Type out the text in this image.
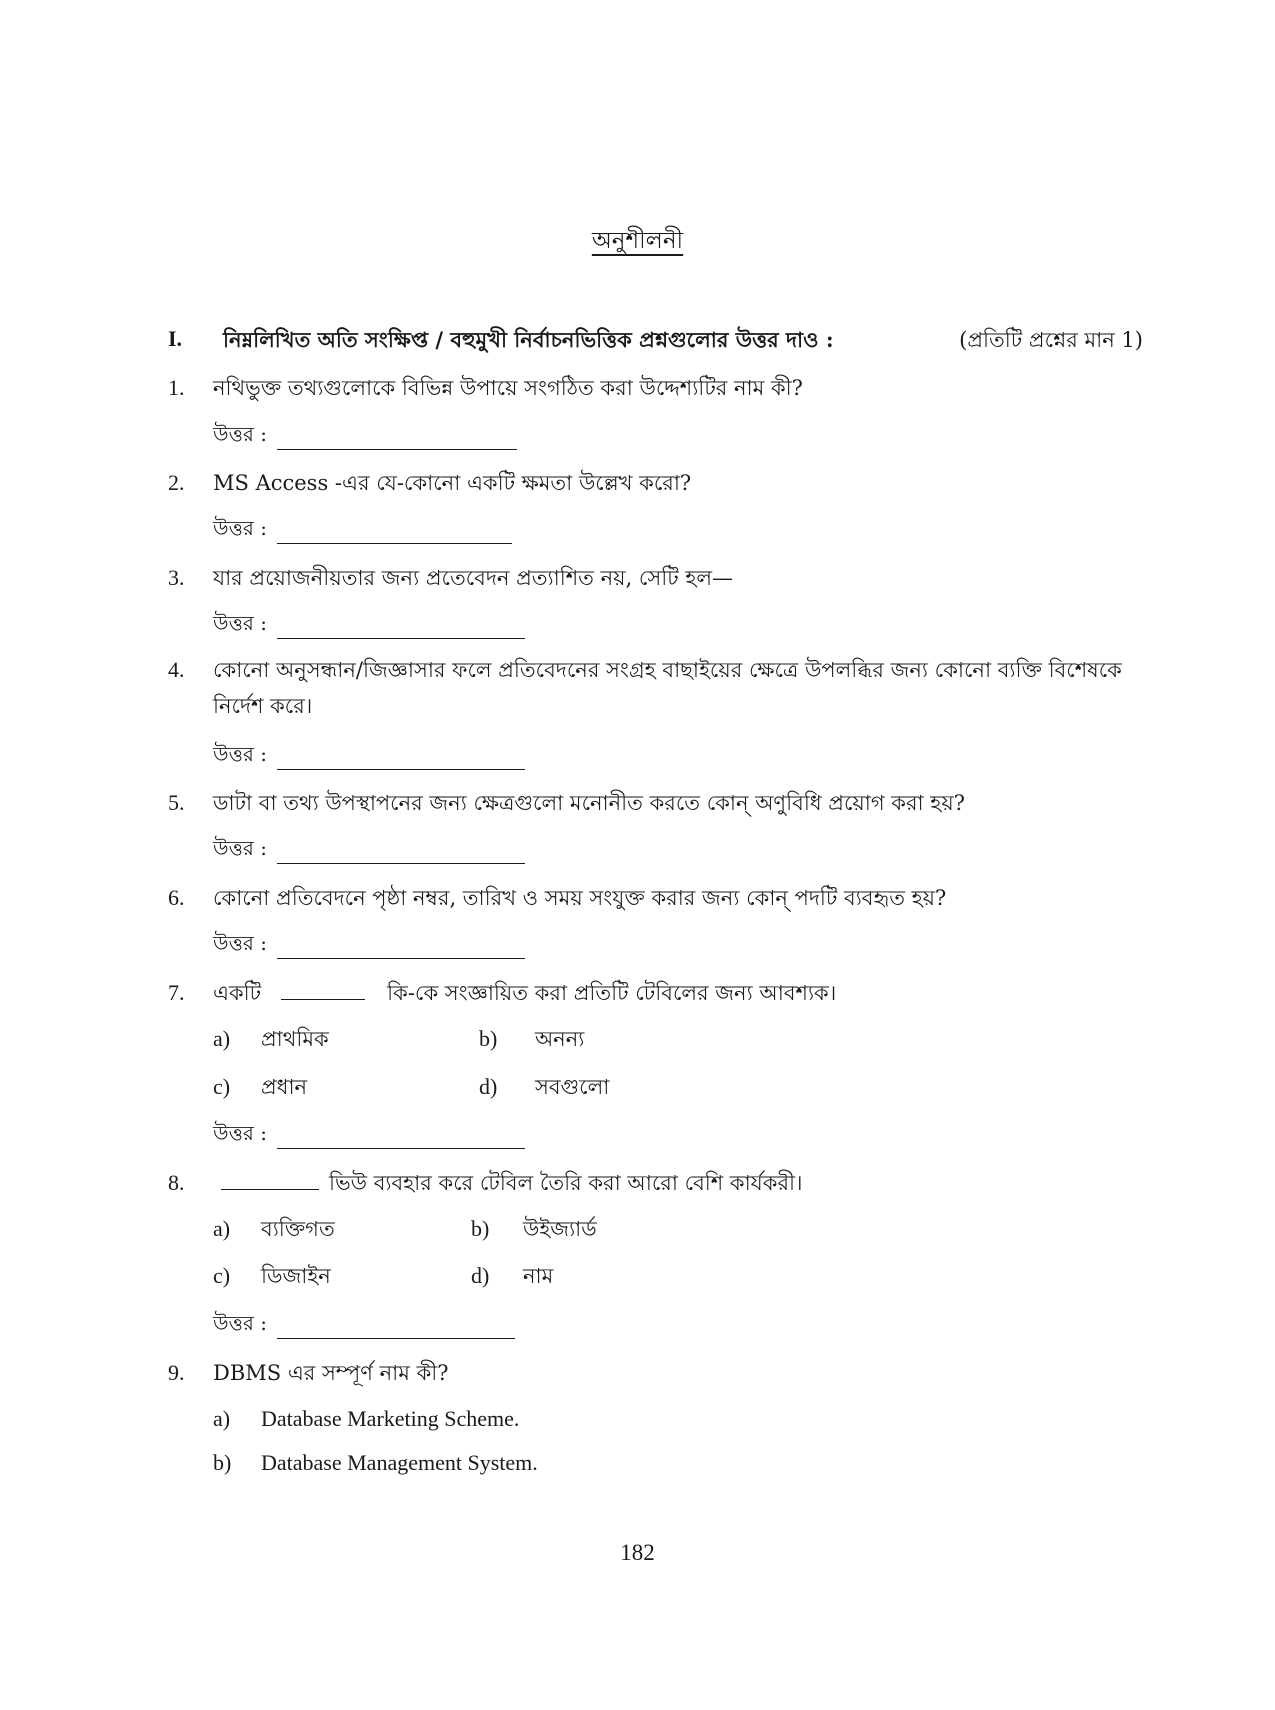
অনুশীলনী
I. নিম্নলিখিত অতি সংক্ষিপ্ত / বহুমুখী নির্বাচনভিত্তিক প্রশ্নগুলোর উত্তর দাও :	(প্রতিটি প্রশ্নের মান 1)
1. নথিভুক্ত তথ্যগুলোকে বিভিন্ন উপায়ে সংগঠিত করা উদ্দেশ্যটির নাম কী?
উত্তর :
2. MS Access -এর যে-কোনো একটি ক্ষমতা উল্লেখ করো?
উত্তর :
3. যার প্রয়োজনীয়তার জন্য প্রতেবেদন প্রত্যাশিত নয়, সেটি হল—
উত্তর :
4. কোনো অনুসন্ধান/জিজ্ঞাসার ফলে প্রতিবেদনের সংগ্রহ বাছাইয়ের ক্ষেত্রে উপলব্ধির জন্য কোনো ব্যক্তি বিশেষকে নির্দেশ করে।
উত্তর :
5. ডাটা বা তথ্য উপস্থাপনের জন্য ক্ষেত্রগুলো মনোনীত করতে কোন্ অণুবিধি প্রয়োগ করা হয়?
উত্তর :
6. কোনো প্রতিবেদনে পৃষ্ঠা নম্বর, তারিখ ও সময় সংযুক্ত করার জন্য কোন্ পদটি ব্যবহৃত হয়?
উত্তর :
7. একটি	কি-কে সংজ্ঞায়িত করা প্রতিটি টেবিলের জন্য আবশ্যক।
a) প্রাথমিক	b) অনন্য
c) প্রধান	d) সবগুলো
উত্তর :
8.	ভিউ ব্যবহার করে টেবিল তৈরি করা আরো বেশি কার্যকরী।
a) ব্যক্তিগত	b) উইজ্যার্ড
c) ডিজাইন	d) নাম
উত্তর :
9. DBMS এর সম্পূর্ণ নাম কী?
a) Database Marketing Scheme.
b) Database Management System.
182
